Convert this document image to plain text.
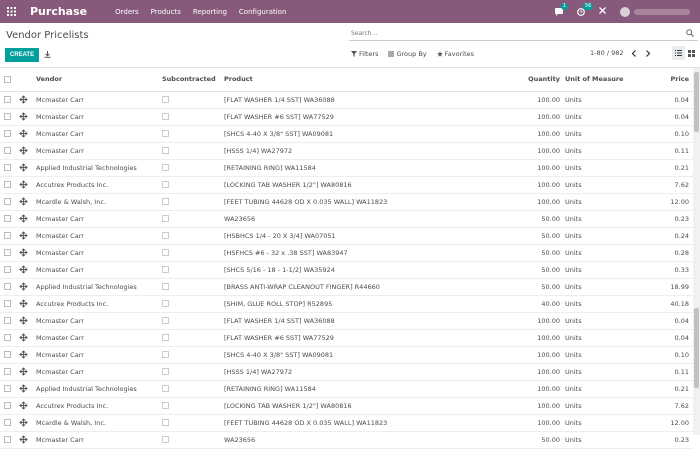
Purchase	Orders Products Reporting Configuration
1	56
Vendor Pricelists
Search...
CREATE	Filters	Group By	Favorites	1-80 / 982
		Vendor	Subcontracted	Product	Quantity	Unit of Measure	Price
		Mcmaster Carr		[FLAT WASHER 1/4 SST] WA36088	100.00	Units	0.04
		Mcmaster Carr		[FLAT WASHER #6 SST] WA77529	100.00	Units	0.04
		Mcmaster Carr		[SHCS 4-40 X 3/8" SST] WA09081	100.00	Units	0.10
		Mcmaster Carr		[HSSS 1/4] WA27972	100.00	Units	0.11
		Applied Industrial Technologies		[RETAINING RING] WA11584	100.00	Units	0.21
		Accutrex Products Inc.		[LOCKING TAB WASHER 1/2"] WA80816	100.00	Units	7.62
		Mcardle & Walsh, Inc.		[FEET TUBING 44628 OD X 0.035 WALL] WA11823	100.00	Units	12.00
		Mcmaster Carr		WA23656	50.00	Units	0.23
		Mcmaster Carr		[HSBHCS 1/4 - 20 X 3/4] WA07051	50.00	Units	0.24
		Mcmaster Carr		[HSFHCS #6 - 32 x .38 SST] WA83947	50.00	Units	0.28
		Mcmaster Carr		[SHCS 5/16 - 18 - 1-1/2] WA35924	50.00	Units	0.33
		Applied Industrial Technologies		[BRASS ANTI-WRAP CLEANOUT FINGER] R44660	50.00	Units	18.99
		Accutrex Products Inc.		[SHIM, GLUE ROLL STOP] R52895	40.00	Units	40.18
		Mcmaster Carr		[FLAT WASHER 1/4 SST] WA36088	100.00	Units	0.04
		Mcmaster Carr		[FLAT WASHER #6 SST] WA77529	100.00	Units	0.04
		Mcmaster Carr		[SHCS 4-40 X 3/8" SST] WA09081	100.00	Units	0.10
		Mcmaster Carr		[HSSS 1/4] WA27972	100.00	Units	0.11
		Applied Industrial Technologies		[RETAINING RING] WA11584	100.00	Units	0.21
		Accutrex Products Inc.		[LOCKING TAB WASHER 1/2"] WA80816	100.00	Units	7.62
		Mcardle & Walsh, Inc.		[FEET TUBING 44628 OD X 0.035 WALL] WA11823	100.00	Units	12.00
		Mcmaster Carr		WA23656	50.00	Units	0.23
